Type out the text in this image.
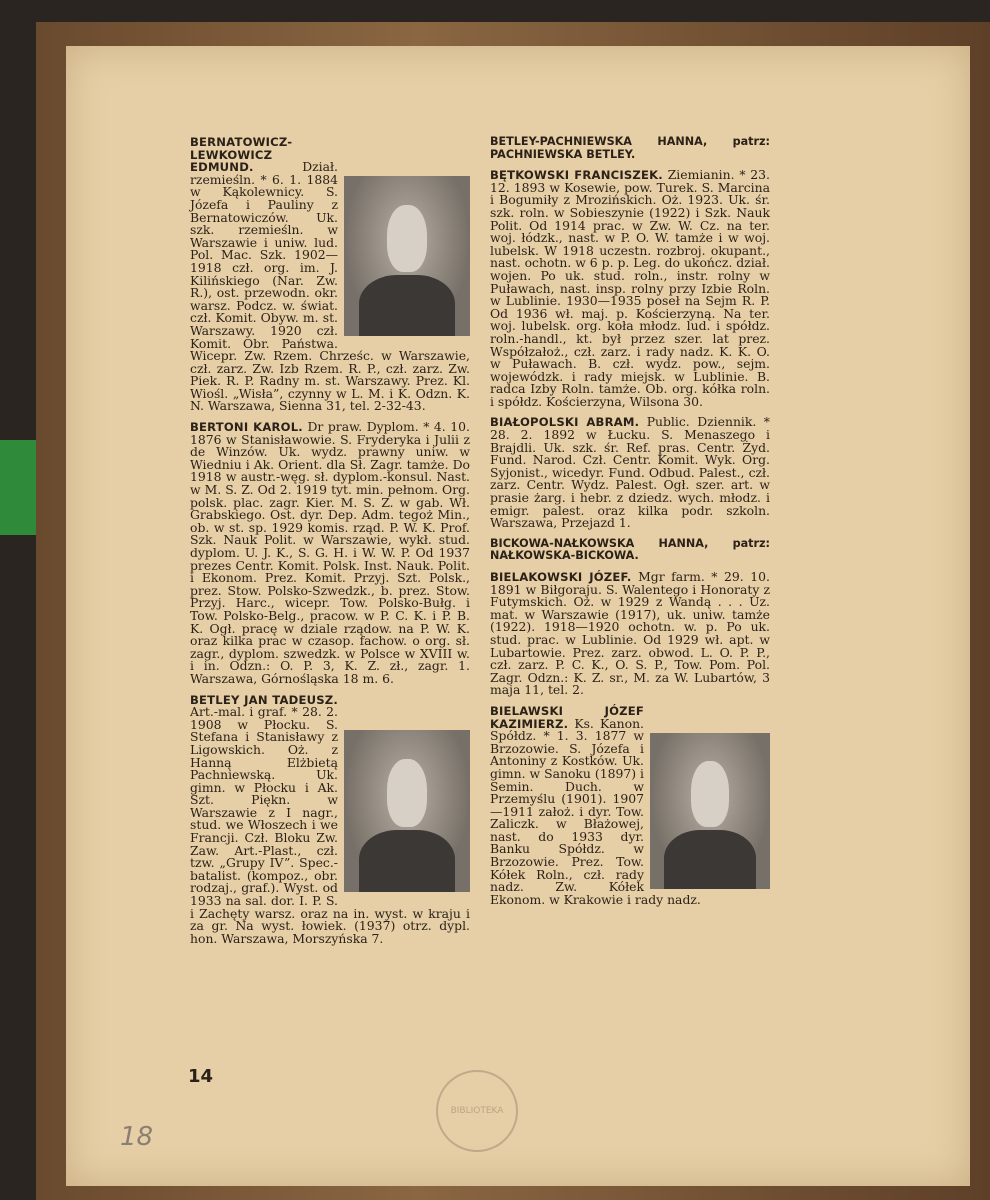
BERNATOWICZ-LEWKOWICZ EDMUND.	Dział. rzemieśln. * 6. 1. 1884 w Kąkolewnicy. S. Józefa i Pauliny z Bernatowiczów. Uk. szk. rzemieśln. w Warszawie i uniw. lud. Pol. Mac. Szk. 1902—1918 czł. org. im. J. Kilińskiego (Nar. Zw. R.), ost. przewodn. okr. warsz. Podcz. w. świat. czł. Komit. Obyw. m. st. Warszawy. 1920 czł. Komit. Obr. Państwa. Wicepr. Zw. Rzem. Chrześc. w Warszawie, czł. zarz. Zw. Izb Rzem. R. P., czł. zarz. Zw. Piek. R. P. Radny m. st. Warszawy. Prez. Kl. Wiośl. „Wisła”, czynny w L. M. i K. Odzn. K. N. Warszawa, Sienna 31, tel. 2-32-43.
BERTONI KAROL. Dr praw. Dyplom. * 4. 10. 1876 w Stanisławowie. S. Fryderyka i Julii z de Winzów. Uk. wydz. prawny uniw. w Wiedniu i Ak. Orient. dla Sł. Zagr. tamże. Do 1918 w austr.-węg. sł. dyplom.-konsul. Nast. w M. S. Z. Od 2. 1919 tyt. min. pełnom. Org. polsk. plac. zagr. Kier. M. S. Z. w gab. Wł. Grabskiego. Ost. dyr. Dep. Adm. tegoż Min., ob. w st. sp. 1929 komis. rząd. P. W. K. Prof. Szk. Nauk Polit. w Warszawie, wykł. stud. dyplom. U. J. K., S. G. H. i W. W. P. Od 1937 prezes Centr. Komit. Polsk. Inst. Nauk. Polit. i Ekonom. Prez. Komit. Przyj. Szt. Polsk., prez. Stow. Polsko-Szwedzk., b. prez. Stow. Przyj. Harc., wicepr. Tow. Polsko-Bułg. i Tow. Polsko-Belg., pracow. w P. C. K. i P. B. K. Ogł. pracę w dziale rządow. na P. W. K. oraz kilka prac w czasop. fachow. o org. sł. zagr., dyplom. szwedzk. w Polsce w XVIII w. i in. Odzn.: O. P. 3, K. Z. zł., zagr. 1. Warszawa, Górnośląska 18 m. 6.
BETLEY JAN TADEUSZ. Art.-mal. i graf. * 28. 2. 1908 w Płocku. S. Stefana i Stanisławy z Ligowskich. Oż. z Hanną Elżbietą Pachniewską. Uk. gimn. w Płocku i Ak. Szt. Piękn. w Warszawie z I nagr., stud. we Włoszech i we Francji. Czł. Bloku Zw. Zaw. Art.-Plast., czł. tzw. „Grupy IV”. Spec.-batalist. (kompoz., obr. rodzaj., graf.). Wyst. od 1933 na sal. dor. I. P. S. i Zachęty warsz. oraz na in. wyst. w kraju i za gr. Na wyst. łowiek. (1937) otrz. dypl. hon. Warszawa, Morszyńska 7.
BETLEY-PACHNIEWSKA HANNA, patrz: PACHNIEWSKA BETLEY.
BĘTKOWSKI FRANCISZEK. Ziemianin. * 23. 12. 1893 w Kosewie, pow. Turek. S. Marcina i Bogumiły z Mrozińskich. Oż. 1923. Uk. śr. szk. roln. w Sobieszynie (1922) i Szk. Nauk Polit. Od 1914 prac. w Zw. W. Cz. na ter. woj. łódzk., nast. w P. O. W. tamże i w woj. lubelsk. W 1918 uczestn. rozbroj. okupant., nast. ochotn. w 6 p. p. Leg. do ukończ. dział. wojen. Po uk. stud. roln., instr. rolny w Puławach, nast. insp. rolny przy Izbie Roln. w Lublinie. 1930—1935 poseł na Sejm R. P. Od 1936 wł. maj. p. Kościerzyną. Na ter. woj. lubelsk. org. koła młodz. lud. i spółdz. roln.-handl., kt. był przez szer. lat prez. Współzałoż., czł. zarz. i rady nadz. K. K. O. w Puławach. B. czł. wydz. pow., sejm. wojewódzk. i rady miejsk. w Lublinie. B. radca Izby Roln. tamże. Ob. org. kółka roln. i spółdz. Kościerzyna, Wilsona 30.
BIAŁOPOLSKI ABRAM. Public. Dziennik. * 28. 2. 1892 w Łucku. S. Menaszego i Brajdli. Uk. szk. śr. Ref. pras. Centr. Żyd. Fund. Narod. Czł. Centr. Komit. Wyk. Org. Syjonist., wicedyr. Fund. Odbud. Palest., czł. zarz. Centr. Wydz. Palest. Ogł. szer. art. w prasie żarg. i hebr. z dziedz. wych. młodz. i emigr. palest. oraz kilka podr. szkoln. Warszawa, Przejazd 1.
BICKOWA-NAŁKOWSKA HANNA, patrz: NAŁKOWSKA-BICKOWA.
BIELAKOWSKI JÓZEF. Mgr farm. * 29. 10. 1891 w Biłgoraju. S. Walentego i Honoraty z Futymskich. Oż. w 1929 z Wandą . . . Uz. mat. w Warszawie (1917), uk. uniw. tamże (1922). 1918—1920 ochotn. w. p. Po uk. stud. prac. w Lublinie. Od 1929 wł. apt. w Lubartowie. Prez. zarz. obwod. L. O. P. P., czł. zarz. P. C. K., O. S. P., Tow. Pom. Pol. Zagr. Odzn.: K. Z. sr., M. za W. Lubartów, 3 maja 11, tel. 2.
BIELAWSKI JÓZEF KAZIMIERZ. Ks. Kanon. Spółdz. * 1. 3. 1877 w Brzozowie. S. Józefa i Antoniny z Kostków. Uk. gimn. w Sanoku (1897) i Semin. Duch. w Przemyślu (1901). 1907—1911 założ. i dyr. Tow. Zaliczk. w Błażowej, nast. do 1933 dyr. Banku Spółdz. w Brzozowie. Prez. Tow. Kółek Roln., czł. rady nadz. Zw. Kółek Ekonom. w Krakowie i rady nadz.
14
18
BIBLIOTEKA
